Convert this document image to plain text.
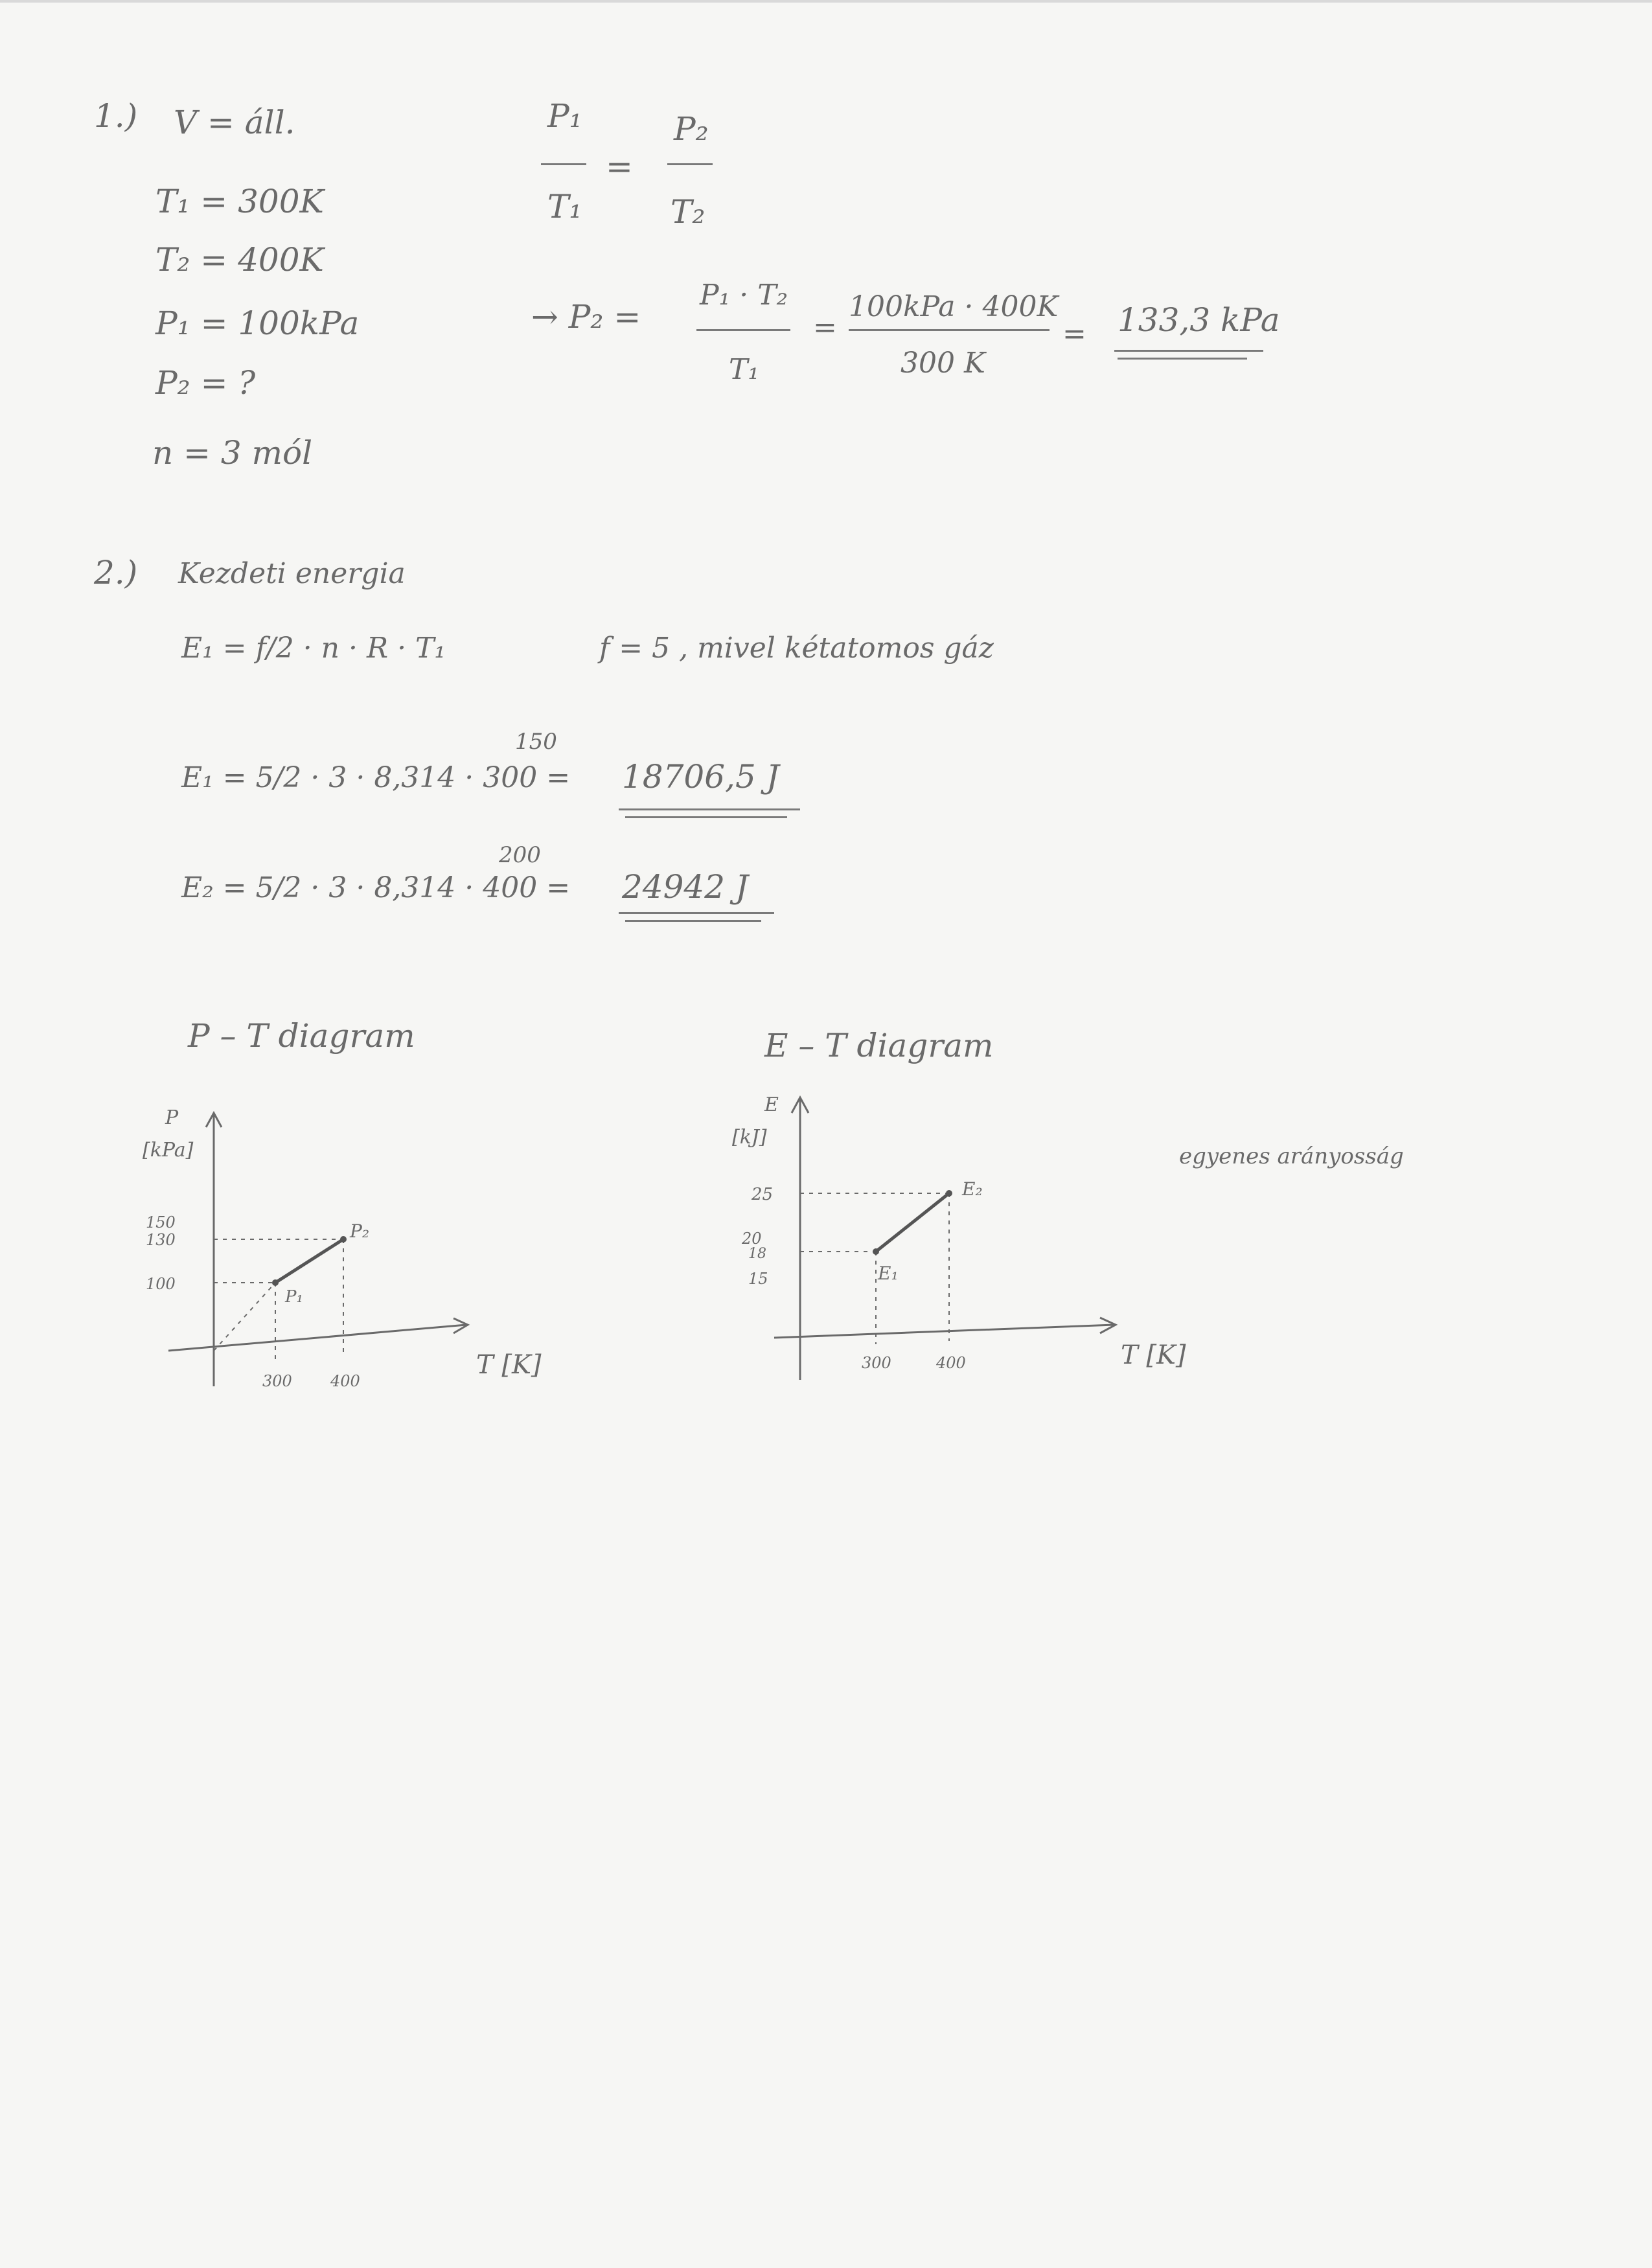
1.) V = áll.
T₁ = 300K
T₂ = 400K
P₁ = 100kPa
P₂ = ?
n = 3 mól
P₁
T₁
=
P₂
T₂
→ P₂ =
P₁ · T₂
T₁
=
100kPa · 400K
300 K
= 133,3 kPa
2.) Kezdeti energia
E₁ = f/2 · n · R · T₁	f = 5 , mivel kétatomos gáz
150
E₁ = 5/2 · 3 · 8,314 · 300 = 18706,5 J
200
E₂ = 5/2 · 3 · 8,314 · 400 = 24942 J
P – T diagram
P
[kPa]
150
130
100
300 400
P₁
P₂
T [K]
E – T diagram
E
[kJ]
25
20
18
15
300	400
E₁
E₂
T [K]
egyenes arányosság
